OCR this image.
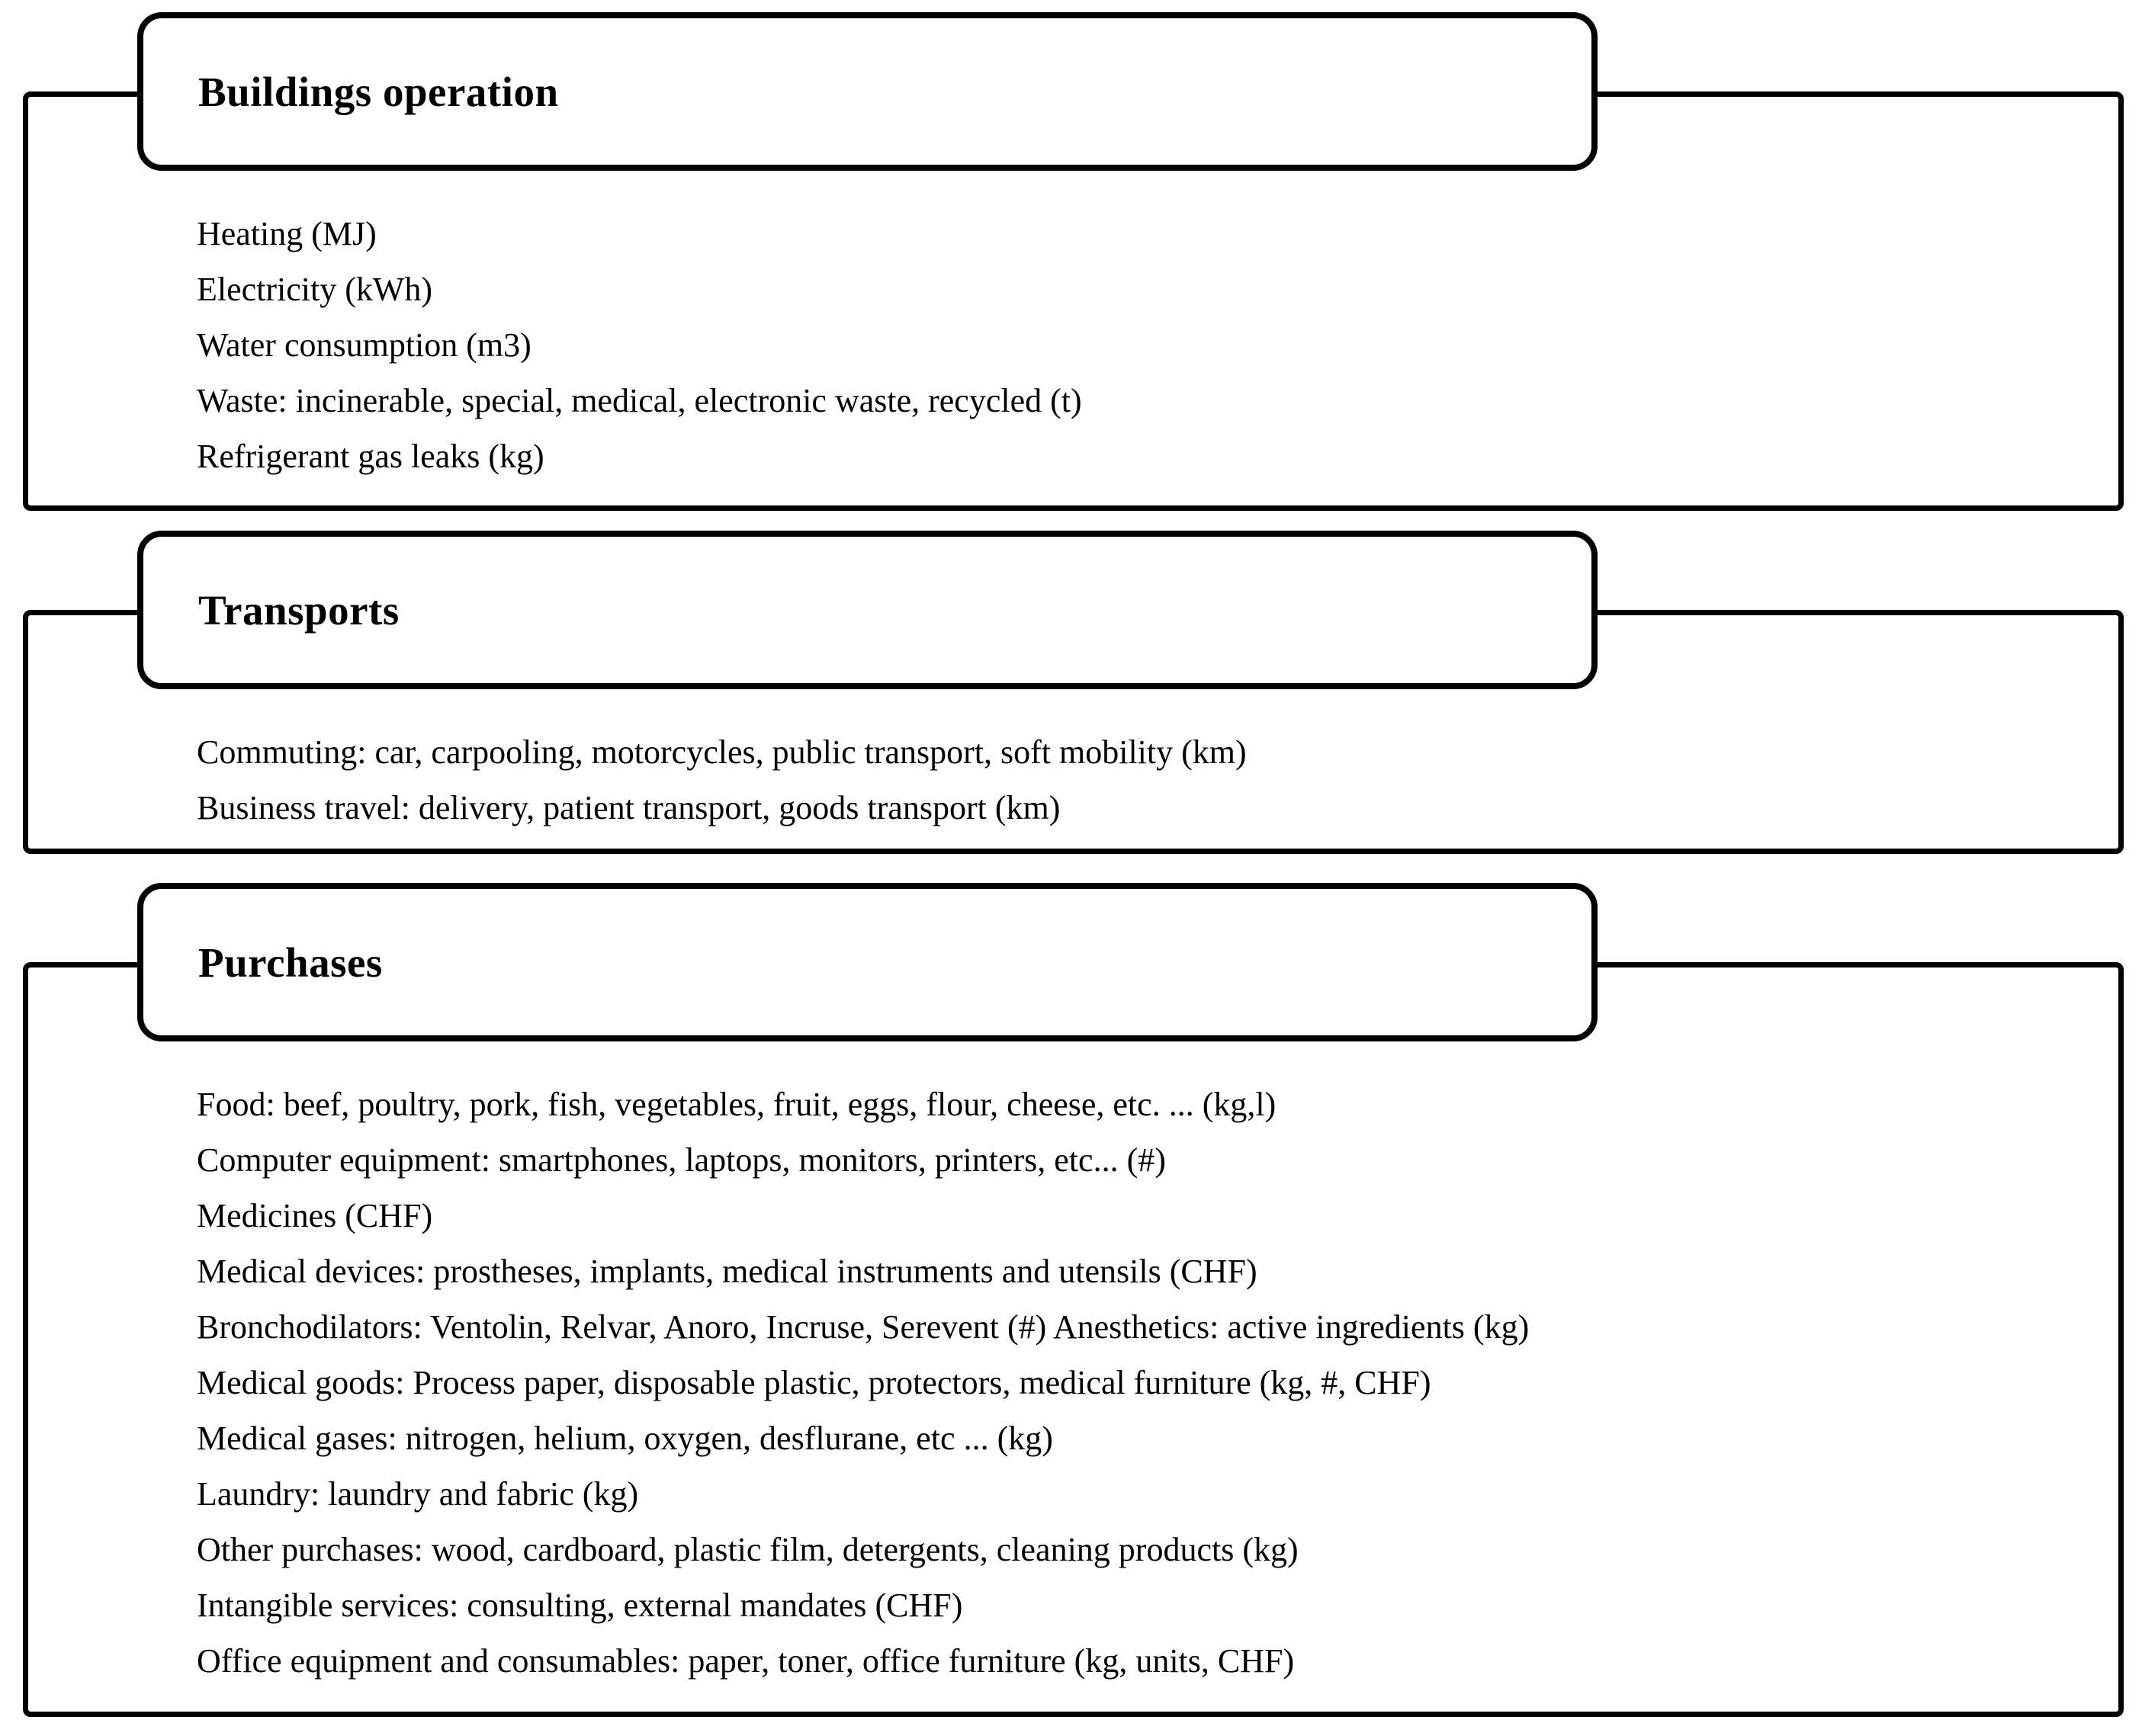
Buildings operation
Heating (MJ)
Electricity (kWh)
Water consumption (m3)
Waste: incinerable, special, medical, electronic waste, recycled (t)
Refrigerant gas leaks (kg)
Transports
Commuting: car, carpooling, motorcycles, public transport, soft mobility (km)
Business travel: delivery, patient transport, goods transport (km)
Purchases
Food: beef, poultry, pork, fish, vegetables, fruit, eggs, flour, cheese, etc. ... (kg,l)
Computer equipment: smartphones, laptops, monitors, printers, etc... (#)
Medicines (CHF)
Medical devices: prostheses, implants, medical instruments and utensils (CHF)
Bronchodilators: Ventolin, Relvar, Anoro, Incruse, Serevent (#) Anesthetics: active ingredients (kg)
Medical goods: Process paper, disposable plastic, protectors, medical furniture (kg, #, CHF)
Medical gases: nitrogen, helium, oxygen, desflurane, etc ... (kg)
Laundry: laundry and fabric (kg)
Other purchases: wood, cardboard, plastic film, detergents, cleaning products (kg)
Intangible services: consulting, external mandates (CHF)
Office equipment and consumables: paper, toner, office furniture (kg, units, CHF)
